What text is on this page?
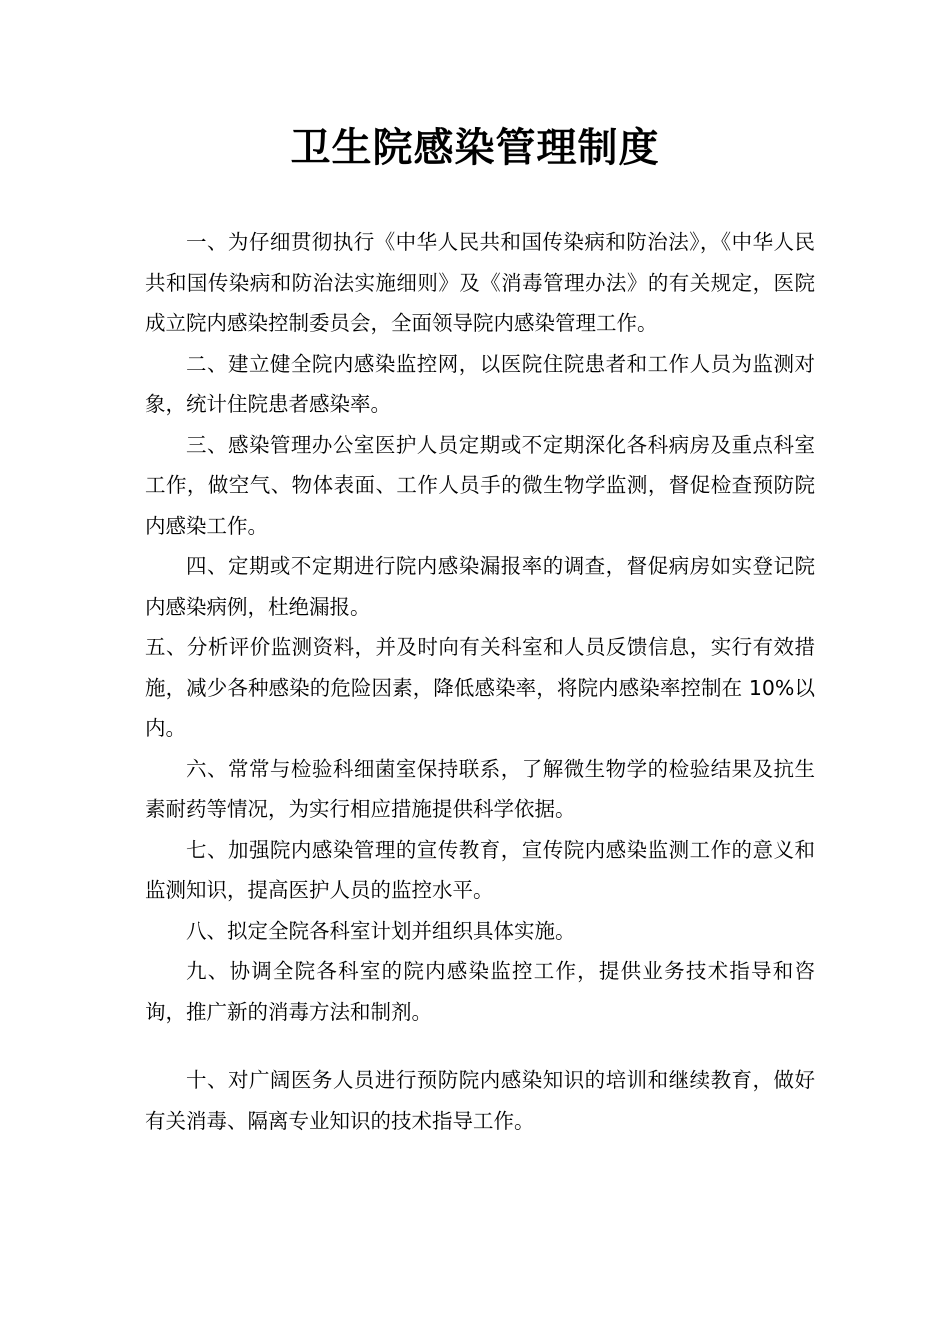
卫生院感染管理制度

一、为仔细贯彻执行《中华人民共和国传染病和防治法》，《中华人民共和国传染病和防治法实施细则》及《消毒管理办法》的有关规定，医院成立院内感染控制委员会，全面领导院内感染管理工作。

二、建立健全院内感染监控网，以医院住院患者和工作人员为监测对象，统计住院患者感染率。

三、感染管理办公室医护人员定期或不定期深化各科病房及重点科室工作，做空气、物体表面、工作人员手的微生物学监测，督促检查预防院内感染工作。

四、定期或不定期进行院内感染漏报率的调查，督促病房如实登记院内感染病例，杜绝漏报。

五、分析评价监测资料，并及时向有关科室和人员反馈信息，实行有效措施，减少各种感染的危险因素，降低感染率，将院内感染率控制在 10%以内。

六、常常与检验科细菌室保持联系，了解微生物学的检验结果及抗生素耐药等情况，为实行相应措施提供科学依据。

七、加强院内感染管理的宣传教育，宣传院内感染监测工作的意义和监测知识，提高医护人员的监控水平。

八、拟定全院各科室计划并组织具体实施。

九、协调全院各科室的院内感染监控工作，提供业务技术指导和咨询，推广新的消毒方法和制剂。

十、对广阔医务人员进行预防院内感染知识的培训和继续教育，做好有关消毒、隔离专业知识的技术指导工作。
